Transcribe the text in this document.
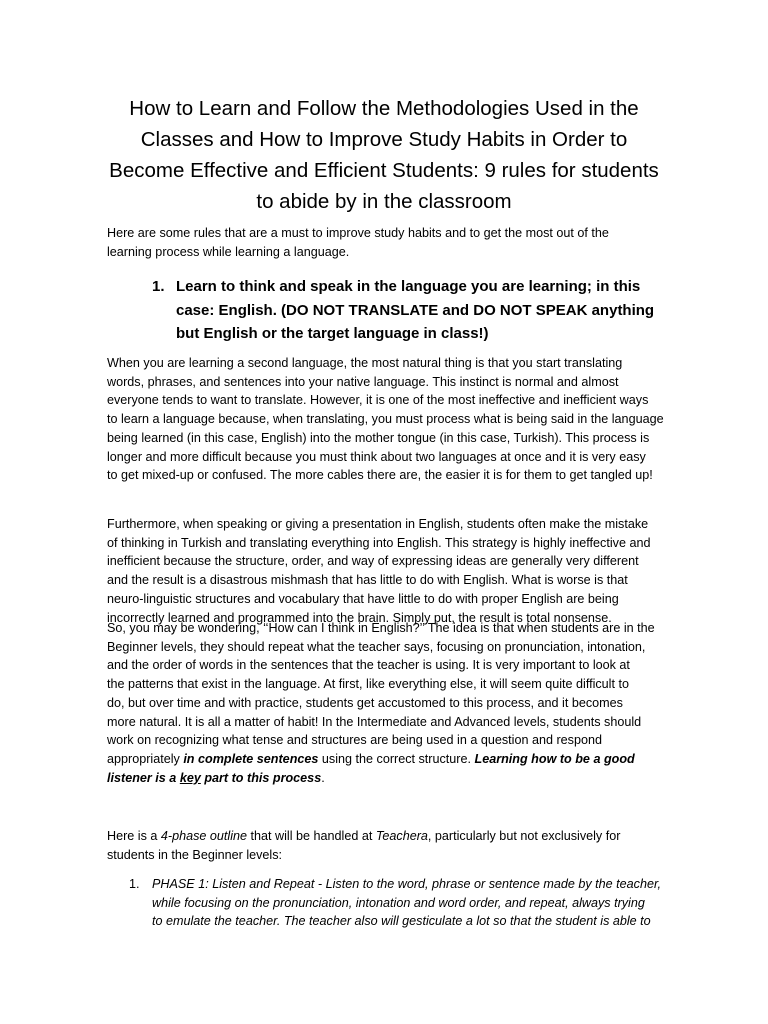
How to Learn and Follow the Methodologies Used in the
Classes and How to Improve Study Habits in Order to
Become Effective and Efficient Students: 9 rules for students
to abide by in the classroom

Here are some rules that are a must to improve study habits and to get the most out of the
learning process while learning a language.

1. Learn to think and speak in the language you are learning; in this
case: English. (DO NOT TRANSLATE and DO NOT SPEAK anything
but English or the target language in class!)

When you are learning a second language, the most natural thing is that you start translating
words, phrases, and sentences into your native language. This instinct is normal and almost
everyone tends to want to translate. However, it is one of the most ineffective and inefficient ways
to learn a language because, when translating, you must process what is being said in the language
being learned (in this case, English) into the mother tongue (in this case, Turkish). This process is
longer and more difficult because you must think about two languages at once and it is very easy
to get mixed-up or confused. The more cables there are, the easier it is for them to get tangled up!

Furthermore, when speaking or giving a presentation in English, students often make the mistake
of thinking in Turkish and translating everything into English. This strategy is highly ineffective and
inefficient because the structure, order, and way of expressing ideas are generally very different
and the result is a disastrous mishmash that has little to do with English. What is worse is that
neuro-linguistic structures and vocabulary that have little to do with proper English are being
incorrectly learned and programmed into the brain. Simply put, the result is total nonsense.

So, you may be wondering, ‘‘How can I think in English?’’ The idea is that when students are in the
Beginner levels, they should repeat what the teacher says, focusing on pronunciation, intonation,
and the order of words in the sentences that the teacher is using. It is very important to look at
the patterns that exist in the language. At first, like everything else, it will seem quite difficult to
do, but over time and with practice, students get accustomed to this process, and it becomes
more natural. It is all a matter of habit! In the Intermediate and Advanced levels, students should
work on recognizing what tense and structures are being used in a question and respond
appropriately in complete sentences using the correct structure. Learning how to be a good
listener is a key part to this process.

Here is a 4-phase outline that will be handled at Teachera, particularly but not exclusively for
students in the Beginner levels:

1. PHASE 1: Listen and Repeat - Listen to the word, phrase or sentence made by the teacher,
while focusing on the pronunciation, intonation and word order, and repeat, always trying
to emulate the teacher. The teacher also will gesticulate a lot so that the student is able to
